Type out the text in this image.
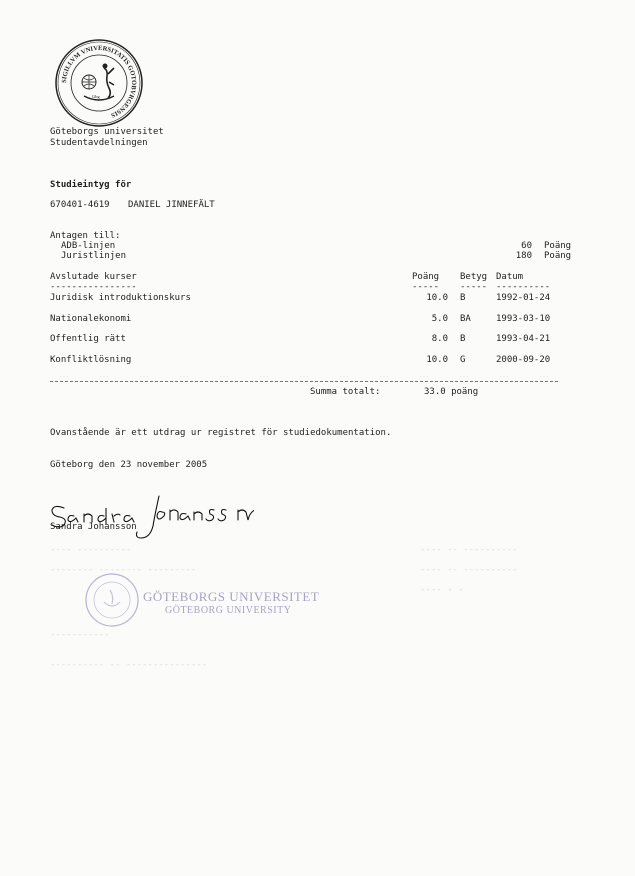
SIGILLVM VNIVERSITATIS GOTOBVRGENSIS
Gbg
Göteborgs universitet
Studentavdelningen
Studieintyg för
670401-4619 DANIEL JINNEFÄLT
Antagen till:
ADB-linjen	60 Poäng
Juristlinjen	180 Poäng
Avslutade kurser	Poäng Betyg Datum
----------------	----- ----- ----------
Juridisk introduktionskurs	10.0 B	1992-01-24
Nationalekonomi	5.0 BA	1993-03-10
Offentlig rätt	8.0 B	1993-04-21
Konfliktlösning	10.0 G	2000-09-20
Summa totalt:	33.0 poäng
Ovanstående är ett utdrag ur registret för studiedokumentation.
Göteborg den 23 november 2005
Sandra Johansson
---- ----------	---- -- ----------
-------- -------- ---------	---- -- ----------
---- - -
-----------
---------- -- ---------------
GÖTEBORGS UNIVERSITET
GÖTEBORG UNIVERSITY
